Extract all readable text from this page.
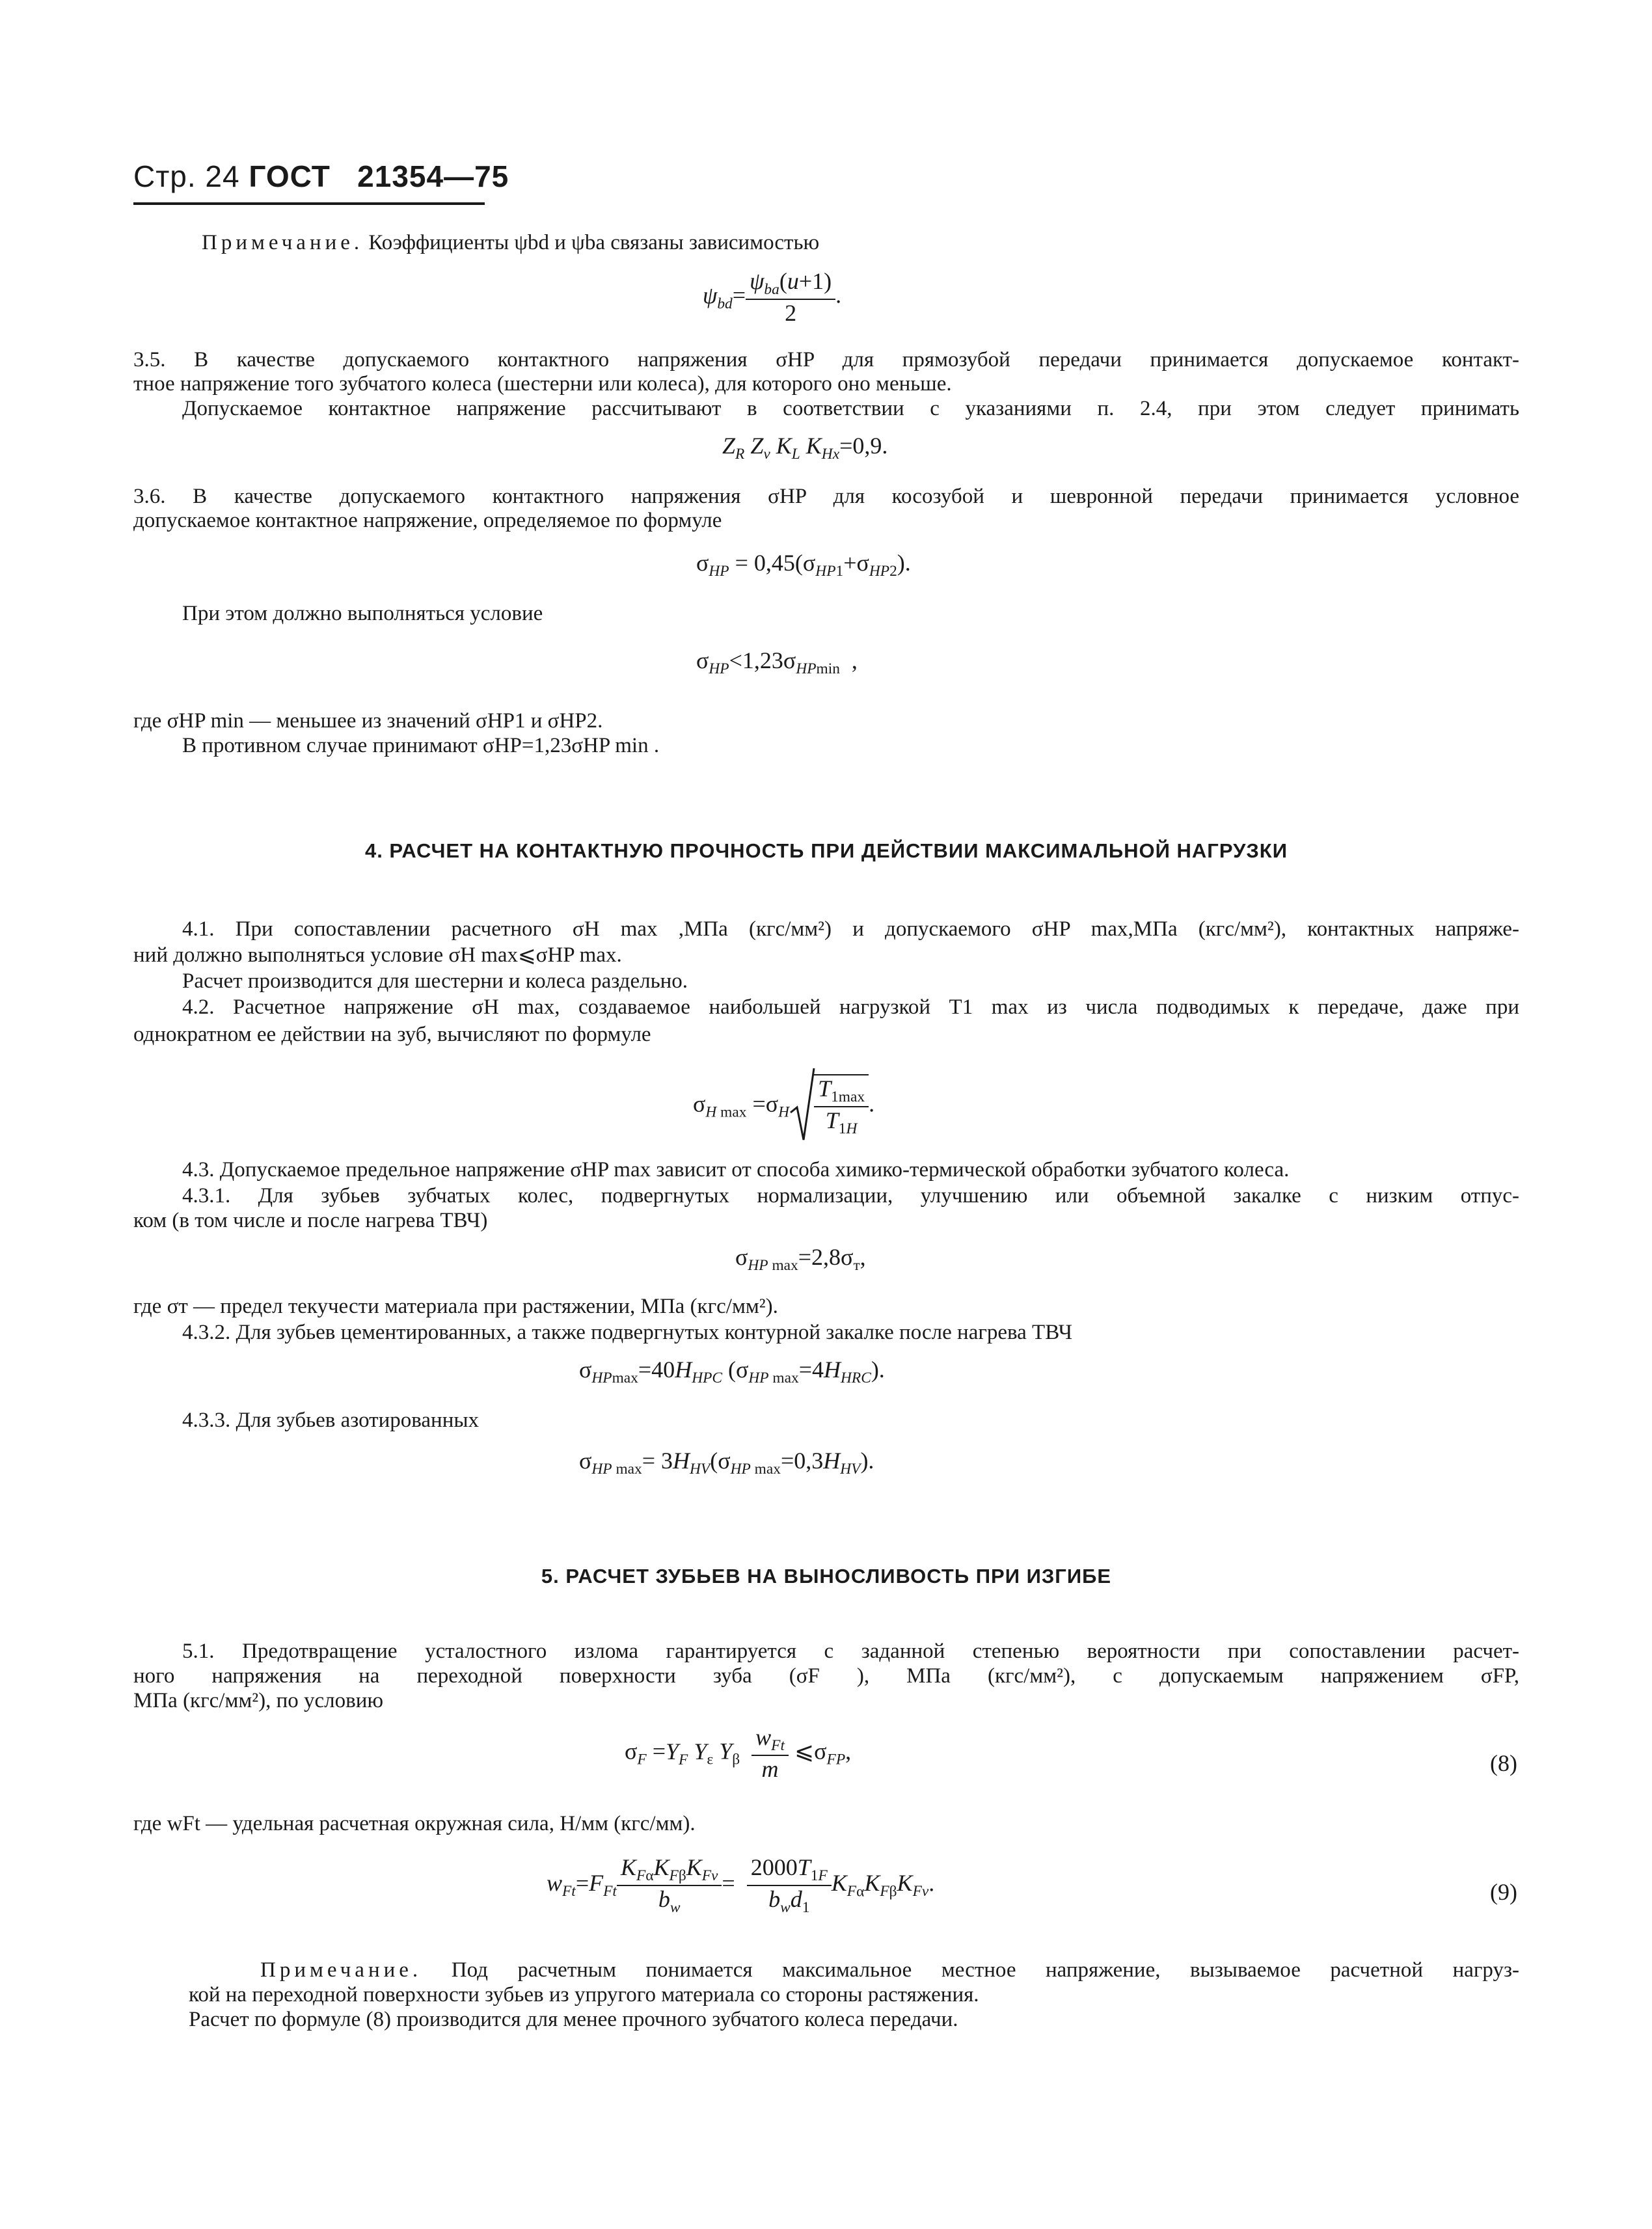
Стр. 24 ГОСТ 21354—75
Примечание. Коэффициенты ψbd и ψba связаны зависимостью
$\psi_{bd}= \frac{\psi_{ba}(u+1)}{2}$ .
3.5. В качестве допускаемого контактного напряжения σHP для прямозубой передачи принимается допускаемое контакт-
тное напряжение того зубчатого колеса (шестерни или колеса), для которого оно меньше.
Допускаемое контактное напряжение рассчитывают в соответствии с указаниями п. 2.4, при этом следует принимать
$Z_R$ $Z_v$ $K_L$ $K_{Hx}=0,9$.
3.6. В качестве допускаемого контактного напряжения σHP для косозубой и шевронной передачи принимается условное
допускаемое контактное напряжение, определяемое по формуле
$\sigma_{HP} = 0,45(\sigma_{HP1}+\sigma_{HP2})$.
При этом должно выполняться условие
$\sigma_{HP}<1,23\sigma_{HPmin}$  ,
где σHP min — меньшее из значений σHP1 и σHP2.
В противном случае принимают σHP=1,23σHP min .
4. РАСЧЕТ НА КОНТАКТНУЮ ПРОЧНОСТЬ ПРИ ДЕЙСТВИИ МАКСИМАЛЬНОЙ НАГРУЗКИ
4.1. При сопоставлении расчетного σH max ,МПа (кгс/мм²) и допускаемого σHP max,МПа (кгс/мм²), контактных напряже-
ний должно выполняться условие σH max⩽σHP max.
Расчет производится для шестерни и колеса раздельно.
4.2. Расчетное напряжение σH max, создаваемое наибольшей нагрузкой T1 max из числа подводимых к передаче, даже при
однократном ее действии на зуб, вычисляют по формуле
$\sigma_{H max} =\sigma_H \frac{T_{1max}}{T_{1H}}$ .
4.3. Допускаемое предельное напряжение σHP max зависит от способа химико-термической обработки зубчатого колеса.
4.3.1. Для зубьев зубчатых колес, подвергнутых нормализации, улучшению или объемной закалке с низким отпус-
ком (в том числе и после нагрева ТВЧ)
$\sigma_{HP max}=2,8\sigma_т$,
где σт — предел текучести материала при растяжении, МПа (кгс/мм²).
4.3.2. Для зубьев цементированных, а также подвергнутых контурной закалке после нагрева ТВЧ
$\sigma_{HPmax}=40H_{HPC}$ $(\sigma_{HP max}=4H_{HRC})$.
4.3.3. Для зубьев азотированных
$\sigma_{HP max}= 3H_{HV}(\sigma_{HP max}=0,3H_{HV})$.
5. РАСЧЕТ ЗУБЬЕВ НА ВЫНОСЛИВОСТЬ ПРИ ИЗГИБЕ
5.1. Предотвращение усталостного излома гарантируется с заданной степенью вероятности при сопоставлении расчет-
ного напряжения на переходной поверхности зуба (σF ), МПа (кгс/мм²), с допускаемым напряжением σFP,
МПа (кгс/мм²), по условию
$\sigma_F =Y_F$ $Y_\varepsilon$ $Y_\beta \frac{w_{Ft}}{m}$ $⩽\sigma_{FP}$,	(8)
где wFt — удельная расчетная окружная сила, Н/мм (кгс/мм).
$w_{Ft}=F_{Ft} \frac{K_{F\alpha}K_{F\beta}K_{Fv}}{b_w} = \frac{2000T_{1F}}{b_wd_1} K_{F\alpha}K_{F\beta}K_{Fv}$.	(9)
Примечание. Под расчетным понимается максимальное местное напряжение, вызываемое расчетной нагруз-
кой на переходной поверхности зубьев из упругого материала со стороны растяжения.
Расчет по формуле (8) производится для менее прочного зубчатого колеса передачи.
